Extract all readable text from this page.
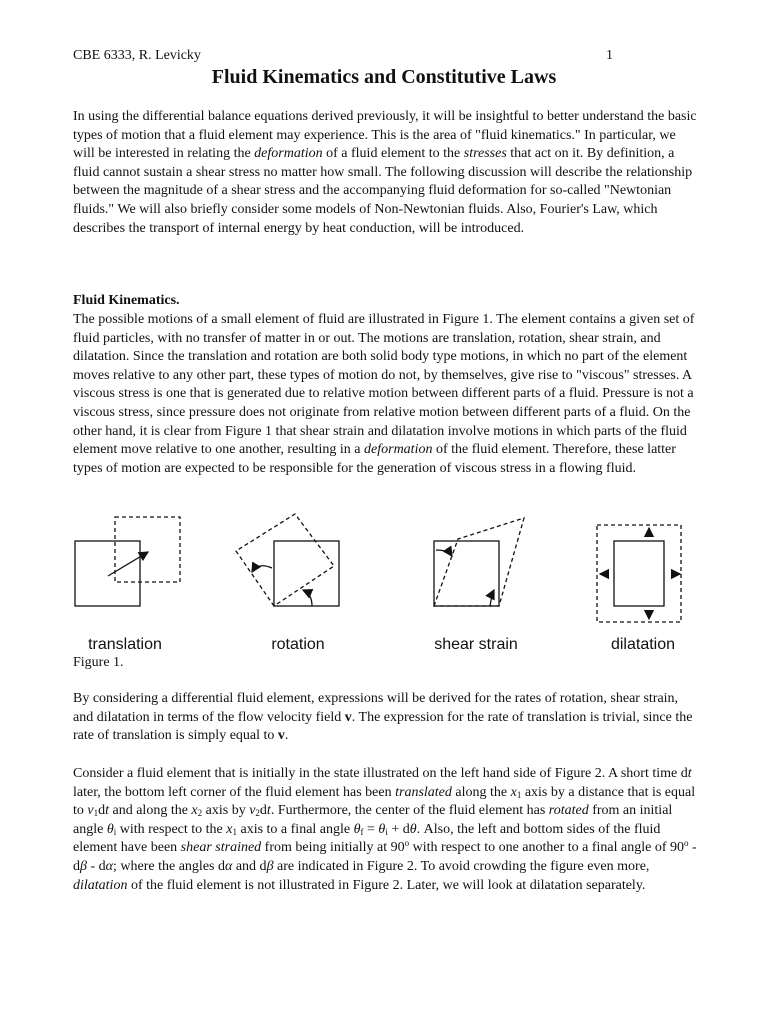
CBE 6333, R. Levicky	1
Fluid Kinematics and Constitutive Laws

In using the differential balance equations derived previously, it will be insightful to better understand the basic types of motion that a fluid element may experience. This is the area of "fluid kinematics." In particular, we will be interested in relating the deformation of a fluid element to the stresses that act on it. By definition, a fluid cannot sustain a shear stress no matter how small. The following discussion will describe the relationship between the magnitude of a shear stress and the accompanying fluid deformation for so-called "Newtonian fluids." We will also briefly consider some models of Non-Newtonian fluids. Also, Fourier's Law, which describes the transport of internal energy by heat conduction, will be introduced.

Fluid Kinematics.

The possible motions of a small element of fluid are illustrated in Figure 1. The element contains a given set of fluid particles, with no transfer of matter in or out. The motions are translation, rotation, shear strain, and dilatation. Since the translation and rotation are both solid body type motions, in which no part of the element moves relative to any other part, these types of motion do not, by themselves, give rise to "viscous" stresses. A viscous stress is one that is generated due to relative motion between different parts of a fluid. Pressure is not a viscous stress, since pressure does not originate from relative motion between different parts of a fluid. On the other hand, it is clear from Figure 1 that shear strain and dilatation involve motions in which parts of the fluid element move relative to one another, resulting in a deformation of the fluid element. Therefore, these latter types of motion are expected to be responsible for the generation of viscous stress in a flowing fluid.

translation	rotation	shear strain	dilatation
Figure 1.

By considering a differential fluid element, expressions will be derived for the rates of rotation, shear strain, and dilatation in terms of the flow velocity field v. The expression for the rate of translation is trivial, since the rate of translation is simply equal to v.

Consider a fluid element that is initially in the state illustrated on the left hand side of Figure 2. A short time dt later, the bottom left corner of the fluid element has been translated along the $x_1$ axis by a distance that is equal to $v_1dt$ and along the $x_2$ axis by $v_2dt$. Furthermore, the center of the fluid element has rotated from an initial angle $\theta_i$ with respect to the $x_1$ axis to a final angle $\theta_f = \theta_i + d\theta$. Also, the left and bottom sides of the fluid element have been shear strained from being initially at 90$^o$ with respect to one another to a final angle of 90$^o$ - dβ - dα; where the angles dα and dβ are indicated in Figure 2. To avoid crowding the figure even more, dilatation of the fluid element is not illustrated in Figure 2. Later, we will look at dilatation separately.
